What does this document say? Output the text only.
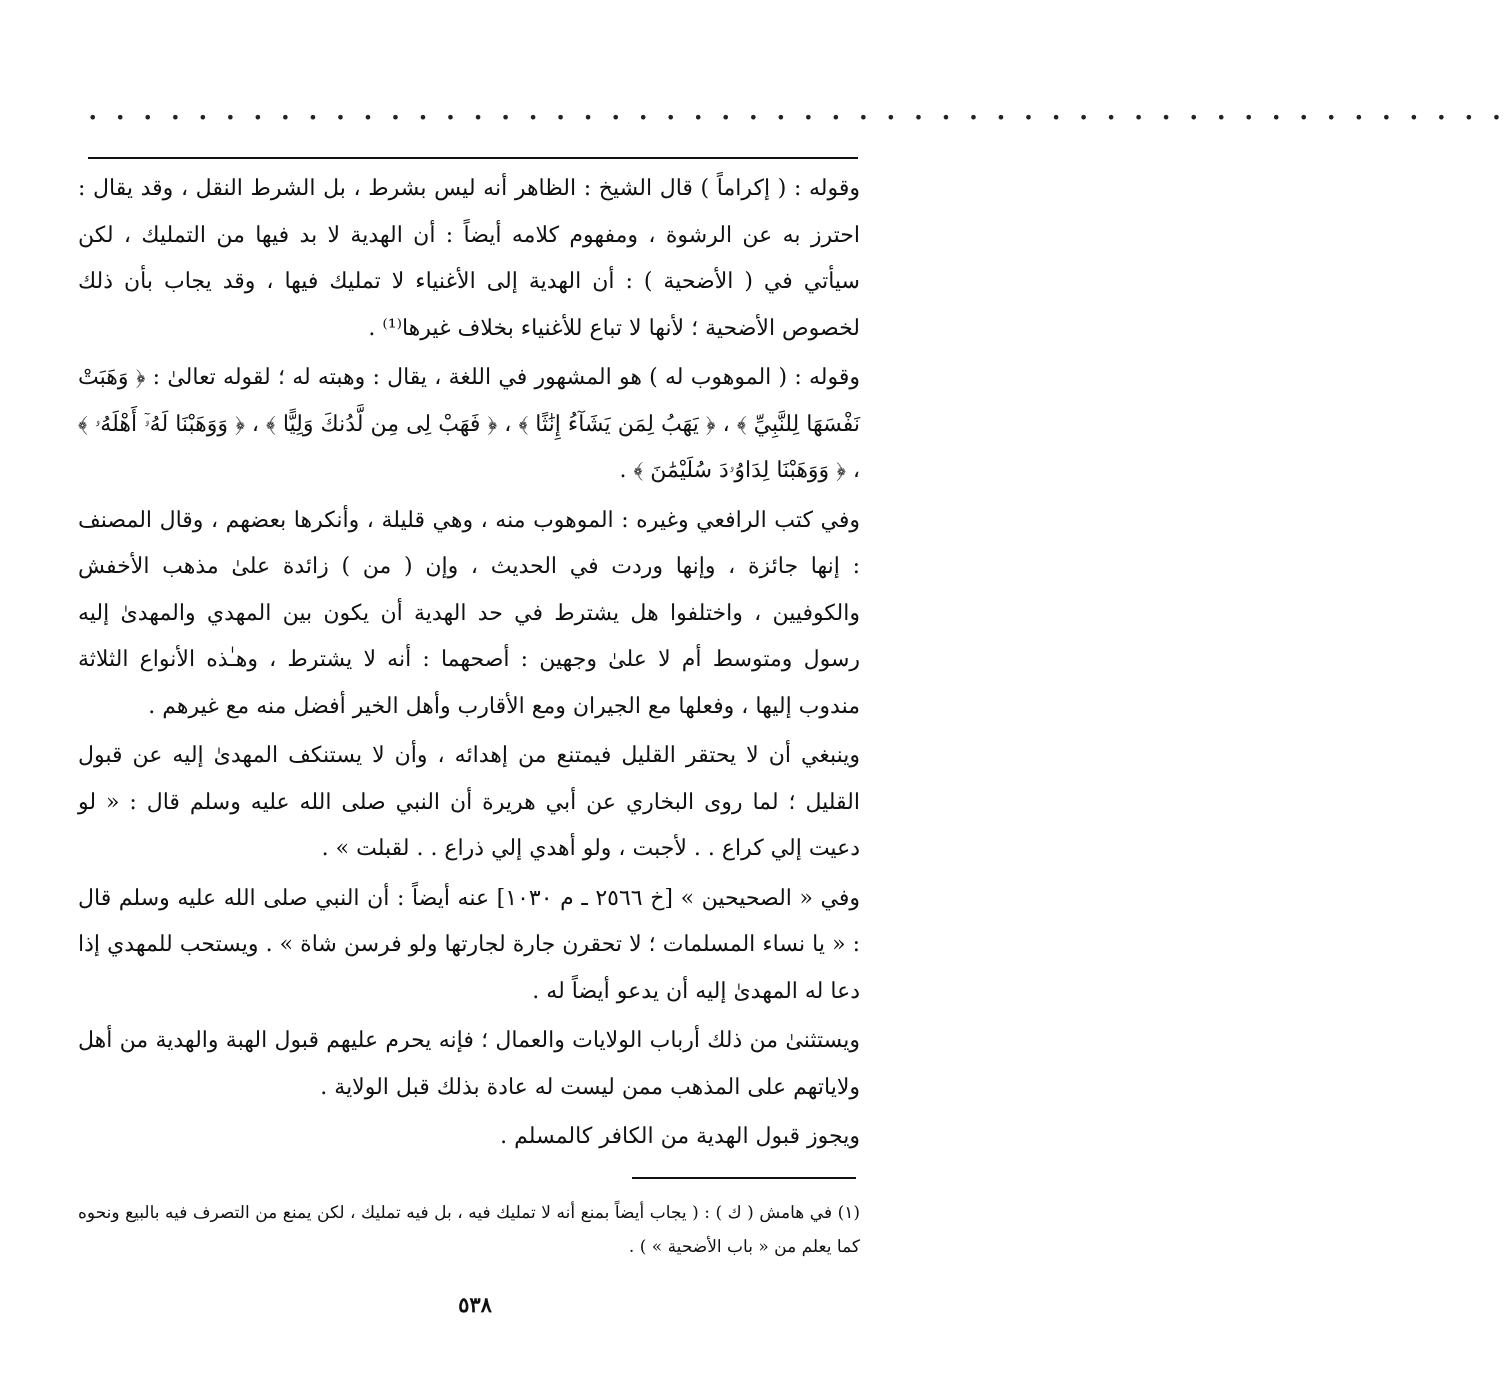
• • • • • • • • • • • • • • • • • • • • • • • • • • • • • • • • • • • • • • • • • • • • • • • • • • • •

وقوله : ( إكراماً ) قال الشيخ : الظاهر أنه ليس بشرط ، بل الشرط النقل ، وقد يقال : احترز به عن الرشوة ، ومفهوم كلامه أيضاً : أن الهدية لا بد فيها من التمليك ، لكن سيأتي في ( الأضحية ) : أن الهدية إلى الأغنياء لا تمليك فيها ، وقد يجاب بأن ذلك لخصوص الأضحية ؛ لأنها لا تباع للأغنياء بخلاف غيرها⁽¹⁾ .

وقوله : ( الموهوب له ) هو المشهور في اللغة ، يقال : وهبته له ؛ لقوله تعالىٰ : ﴿ وَهَبَتْ نَفْسَهَا لِلنَّبِيِّ ﴾ ، ﴿ يَهَبُ لِمَن يَشَآءُ إِنَٰثًا ﴾ ، ﴿ فَهَبْ لِى مِن لَّدُنكَ وَلِيًّا ﴾ ، ﴿ وَوَهَبْنَا لَهُۥٓ أَهْلَهُۥ ﴾ ، ﴿ وَوَهَبْنَا لِدَاوُۥدَ سُلَيْمَٰنَ ﴾ .

وفي كتب الرافعي وغيره : الموهوب منه ، وهي قليلة ، وأنكرها بعضهم ، وقال المصنف : إنها جائزة ، وإنها وردت في الحديث ، وإن ( من ) زائدة علىٰ مذهب الأخفش والكوفيين ، واختلفوا هل يشترط في حد الهدية أن يكون بين المهدي والمهدىٰ إليه رسول ومتوسط أم لا علىٰ وجهين : أصحهما : أنه لا يشترط ، وهـٰذه الأنواع الثلاثة مندوب إليها ، وفعلها مع الجيران ومع الأقارب وأهل الخير أفضل منه مع غيرهم .

وينبغي أن لا يحتقر القليل فيمتنع من إهدائه ، وأن لا يستنكف المهدىٰ إليه عن قبول القليل ؛ لما روى البخاري عن أبي هريرة أن النبي صلى الله عليه وسلم قال : « لو دعيت إلي كراع . . لأجبت ، ولو أهدي إلي ذراع . . لقبلت » .

وفي « الصحيحين » [خ ٢٥٦٦ ـ م ١٠٣٠] عنه أيضاً : أن النبي صلى الله عليه وسلم قال : « يا نساء المسلمات ؛ لا تحقرن جارة لجارتها ولو فرسن شاة » . ويستحب للمهدي إذا دعا له المهدىٰ إليه أن يدعو أيضاً له .

ويستثنىٰ من ذلك أرباب الولايات والعمال ؛ فإنه يحرم عليهم قبول الهبة والهدية من أهل ولاياتهم على المذهب ممن ليست له عادة بذلك قبل الولاية .

ويجوز قبول الهدية من الكافر كالمسلم .

(١) في هامش ( ك ) : ( يجاب أيضاً بمنع أنه لا تمليك فيه ، بل فيه تمليك ، لكن يمنع من التصرف فيه بالبيع ونحوه كما يعلم من « باب الأضحية » ) .

٥٣٨
